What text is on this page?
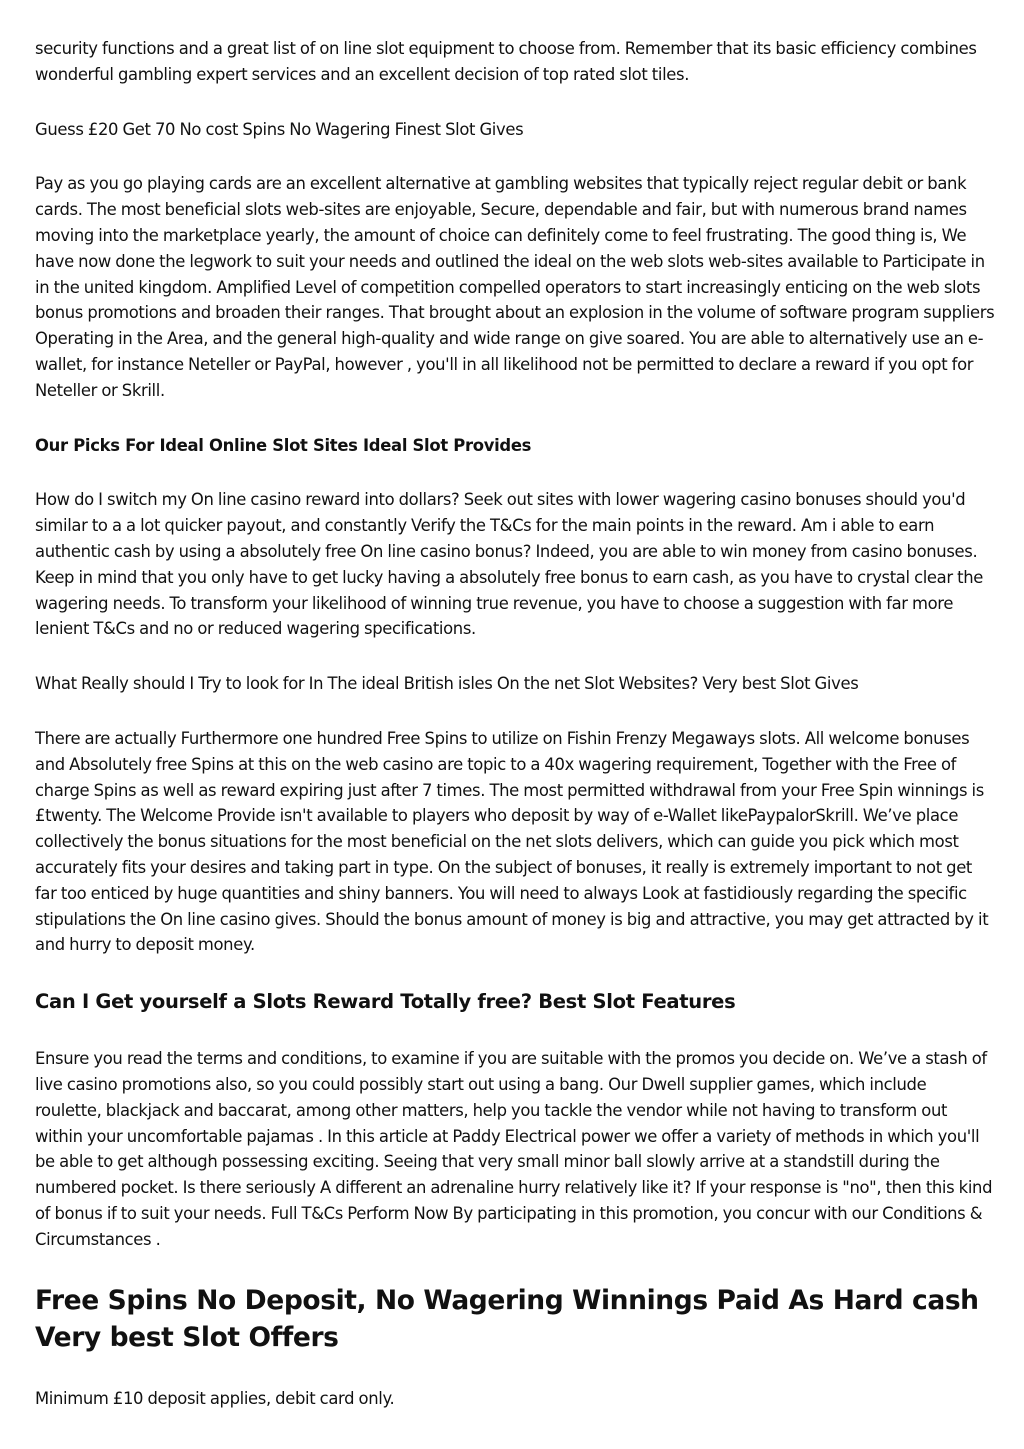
security functions and a great list of on line slot equipment to choose from. Remember that its basic efficiency combines wonderful gambling expert services and an excellent decision of top rated slot tiles.

Guess £20 Get 70 No cost Spins No Wagering Finest Slot Gives

Pay as you go playing cards are an excellent alternative at gambling websites that typically reject regular debit or bank cards. The most beneficial slots web-sites are enjoyable, Secure, dependable and fair, but with numerous brand names moving into the marketplace yearly, the amount of choice can definitely come to feel frustrating. The good thing is, We have now done the legwork to suit your needs and outlined the ideal on the web slots web-sites available to Participate in in the united kingdom. Amplified Level of competition compelled operators to start increasingly enticing on the web slots bonus promotions and broaden their ranges. That brought about an explosion in the volume of software program suppliers Operating in the Area, and the general high-quality and wide range on give soared. You are able to alternatively use an e-wallet, for instance Neteller or PayPal, however , you'll in all likelihood not be permitted to declare a reward if you opt for Neteller or Skrill.

Our Picks For Ideal Online Slot Sites Ideal Slot Provides

How do I switch my On line casino reward into dollars? Seek out sites with lower wagering casino bonuses should you'd similar to a a lot quicker payout, and constantly Verify the T&Cs for the main points in the reward. Am i able to earn authentic cash by using a absolutely free On line casino bonus? Indeed, you are able to win money from casino bonuses. Keep in mind that you only have to get lucky having a absolutely free bonus to earn cash, as you have to crystal clear the wagering needs. To transform your likelihood of winning true revenue, you have to choose a suggestion with far more lenient T&Cs and no or reduced wagering specifications.

What Really should I Try to look for In The ideal British isles On the net Slot Websites? Very best Slot Gives

There are actually Furthermore one hundred Free Spins to utilize on Fishin Frenzy Megaways slots. All welcome bonuses and Absolutely free Spins at this on the web casino are topic to a 40x wagering requirement, Together with the Free of charge Spins as well as reward expiring just after 7 times. The most permitted withdrawal from your Free Spin winnings is £twenty. The Welcome Provide isn't available to players who deposit by way of e-Wallet likePaypalorSkrill. We’ve place collectively the bonus situations for the most beneficial on the net slots delivers, which can guide you pick which most accurately fits your desires and taking part in type. On the subject of bonuses, it really is extremely important to not get far too enticed by huge quantities and shiny banners. You will need to always Look at fastidiously regarding the specific stipulations the On line casino gives. Should the bonus amount of money is big and attractive, you may get attracted by it and hurry to deposit money.

Can I Get yourself a Slots Reward Totally free? Best Slot Features

Ensure you read the terms and conditions, to examine if you are suitable with the promos you decide on. We’ve a stash of live casino promotions also, so you could possibly start out using a bang. Our Dwell supplier games, which include roulette, blackjack and baccarat, among other matters, help you tackle the vendor while not having to transform out within your uncomfortable pajamas . In this article at Paddy Electrical power we offer a variety of methods in which you'll be able to get although possessing exciting. Seeing that very small minor ball slowly arrive at a standstill during the numbered pocket. Is there seriously A different an adrenaline hurry relatively like it? If your response is "no", then this kind of bonus if to suit your needs. Full T&Cs Perform Now By participating in this promotion, you concur with our Conditions & Circumstances .

Free Spins No Deposit, No Wagering Winnings Paid As Hard cash Very best Slot Offers

Minimum £10 deposit applies, debit card only.
